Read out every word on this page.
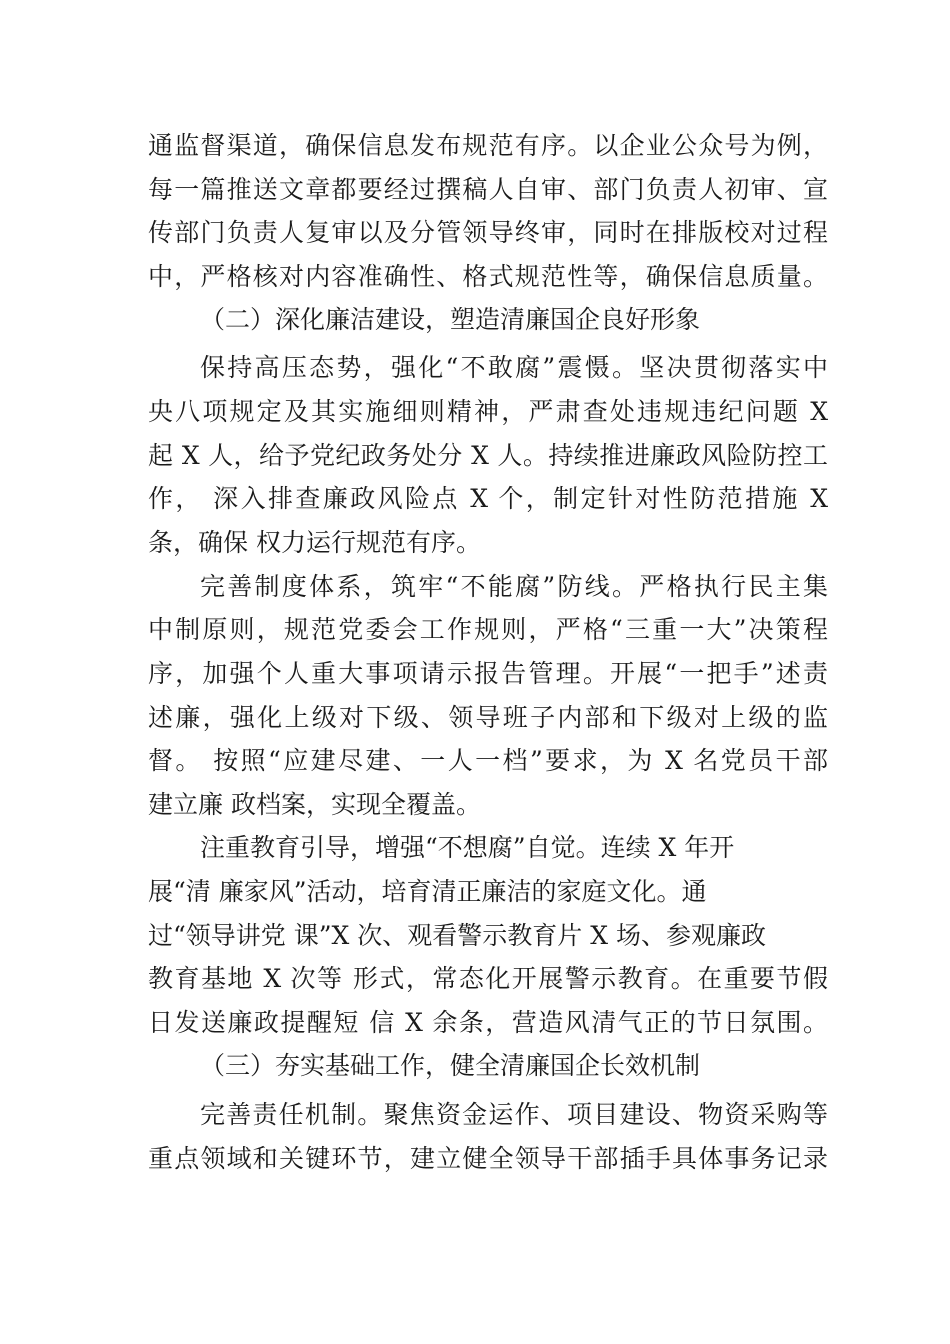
通监督渠道，确保信息发布规范有序。以企业公众号为例，
每一篇推送文章都要经过撰稿人自审、部门负责人初审、宣
传部门负责人复审以及分管领导终审，同时在排版校对过程
中，严格核对内容准确性、格式规范性等，确保信息质量。
（二）深化廉洁建设，塑造清廉国企良好形象
保持高压态势，强化“不敢腐”震慑。坚决贯彻落实中
央八项规定及其实施细则精神，严肃查处违规违纪问题 X
起 X 人，给予党纪政务处分 X 人。持续推进廉政风险防控工
作， 深入排查廉政风险点 X 个，制定针对性防范措施 X
条，确保 权力运行规范有序。
完善制度体系，筑牢“不能腐”防线。严格执行民主集
中制原则，规范党委会工作规则，严格“三重一大”决策程
序，加强个人重大事项请示报告管理。开展“一把手”述责
述廉，强化上级对下级、领导班子内部和下级对上级的监
督。 按照“应建尽建、一人一档”要求，为 X 名党员干部
建立廉 政档案，实现全覆盖。
注重教育引导，增强“不想腐”自觉。连续 X 年开
展“清 廉家风”活动，培育清正廉洁的家庭文化。通
过“领导讲党 课”X 次、观看警示教育片 X 场、参观廉政
教育基地 X 次等 形式，常态化开展警示教育。在重要节假
日发送廉政提醒短 信 X 余条，营造风清气正的节日氛围。
（三）夯实基础工作，健全清廉国企长效机制
完善责任机制。聚焦资金运作、项目建设、物资采购等
重点领域和关键环节，建立健全领导干部插手具体事务记录
